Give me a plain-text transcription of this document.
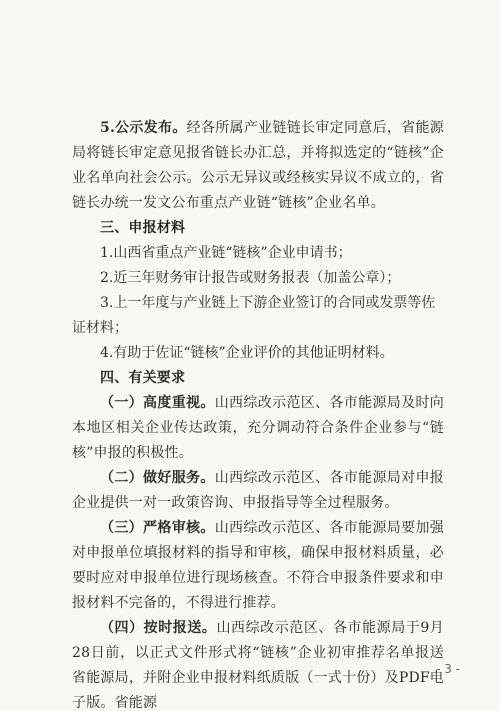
5.公示发布。经各所属产业链链长审定同意后，省能源局将链长审定意见报省链长办汇总，并将拟选定的“链核”企业名单向社会公示。公示无异议或经核实异议不成立的，省链长办统一发文公布重点产业链“链核”企业名单。

三、申报材料

1.山西省重点产业链“链核”企业申请书；

2.近三年财务审计报告或财务报表（加盖公章）；

3.上一年度与产业链上下游企业签订的合同或发票等佐证材料；

4.有助于佐证“链核”企业评价的其他证明材料。

四、有关要求

（一）高度重视。山西综改示范区、各市能源局及时向本地区相关企业传达政策，充分调动符合条件企业参与“链核”申报的积极性。

（二）做好服务。山西综改示范区、各市能源局对申报企业提供一对一政策咨询、申报指导等全过程服务。

（三）严格审核。山西综改示范区、各市能源局要加强对申报单位填报材料的指导和审核，确保申报材料质量，必要时应对申报单位进行现场核查。不符合申报条件要求和申报材料不完备的，不得进行推荐。

（四）按时报送。山西综改示范区、各市能源局于9月28日前，以正式文件形式将“链核”企业初审推荐名单报送省能源局，并附企业申报材料纸质版（一式十份）及PDF电子版。省能源

- 3 -
